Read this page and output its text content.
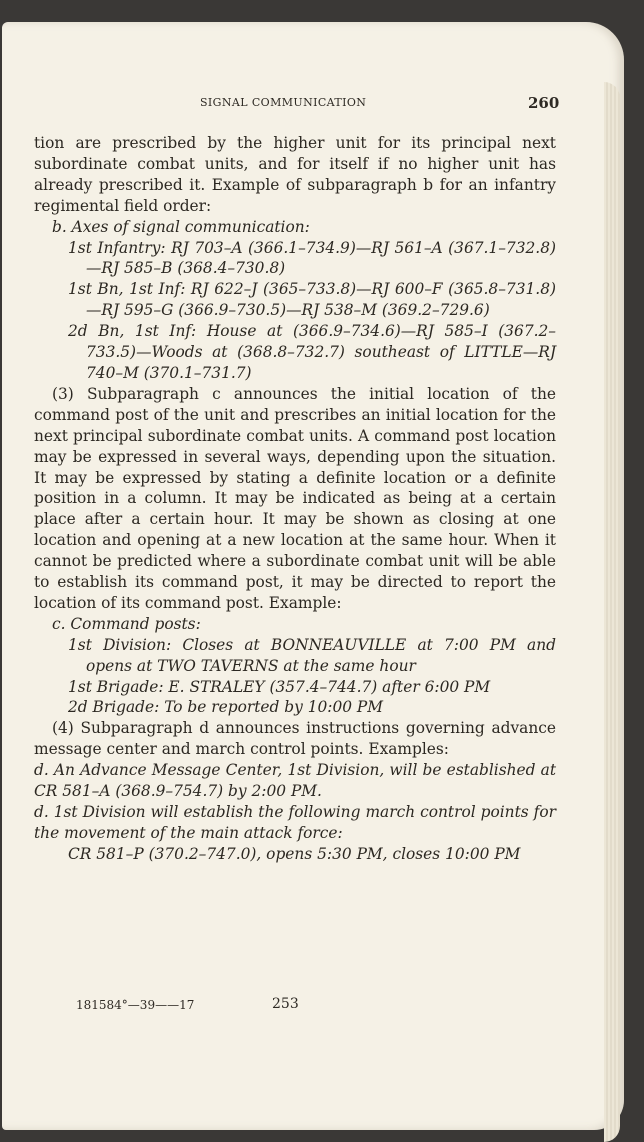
SIGNAL COMMUNICATION	260

tion are prescribed by the higher unit for its principal next subordinate combat units, and for itself if no higher unit has already prescribed it. Example of subparagraph b for an infantry regimental field order:

b. Axes of signal communication:

1st Infantry: RJ 703–A (366.1–734.9)—RJ 561–A (367.1–732.8)—RJ 585–B (368.4–730.8)

1st Bn, 1st Inf: RJ 622–J (365–733.8)—RJ 600–F (365.8–731.8)—RJ 595–G (366.9–730.5)—RJ 538–M (369.2–729.6)

2d Bn, 1st Inf: House at (366.9–734.6)—RJ 585–I (367.2–733.5)—Woods at (368.8–732.7) southeast of LITTLE—RJ 740–M (370.1–731.7)

(3) Subparagraph c announces the initial location of the command post of the unit and prescribes an initial location for the next principal subordinate combat units. A command post location may be expressed in several ways, depending upon the situation. It may be expressed by stating a definite location or a definite position in a column. It may be indicated as being at a certain place after a certain hour. It may be shown as closing at one location and opening at a new location at the same hour. When it cannot be predicted where a subordinate combat unit will be able to establish its command post, it may be directed to report the location of its command post. Example:

c. Command posts:

1st Division: Closes at BONNEAUVILLE at 7:00 PM and opens at TWO TAVERNS at the same hour

1st Brigade: E. STRALEY (357.4–744.7) after 6:00 PM

2d Brigade: To be reported by 10:00 PM

(4) Subparagraph d announces instructions governing advance message center and march control points. Examples:

d. An Advance Message Center, 1st Division, will be established at CR 581–A (368.9–754.7) by 2:00 PM.

d. 1st Division will establish the following march control points for the movement of the main attack force:

CR 581–P (370.2–747.0), opens 5:30 PM, closes 10:00 PM

181584°—39——17	253
